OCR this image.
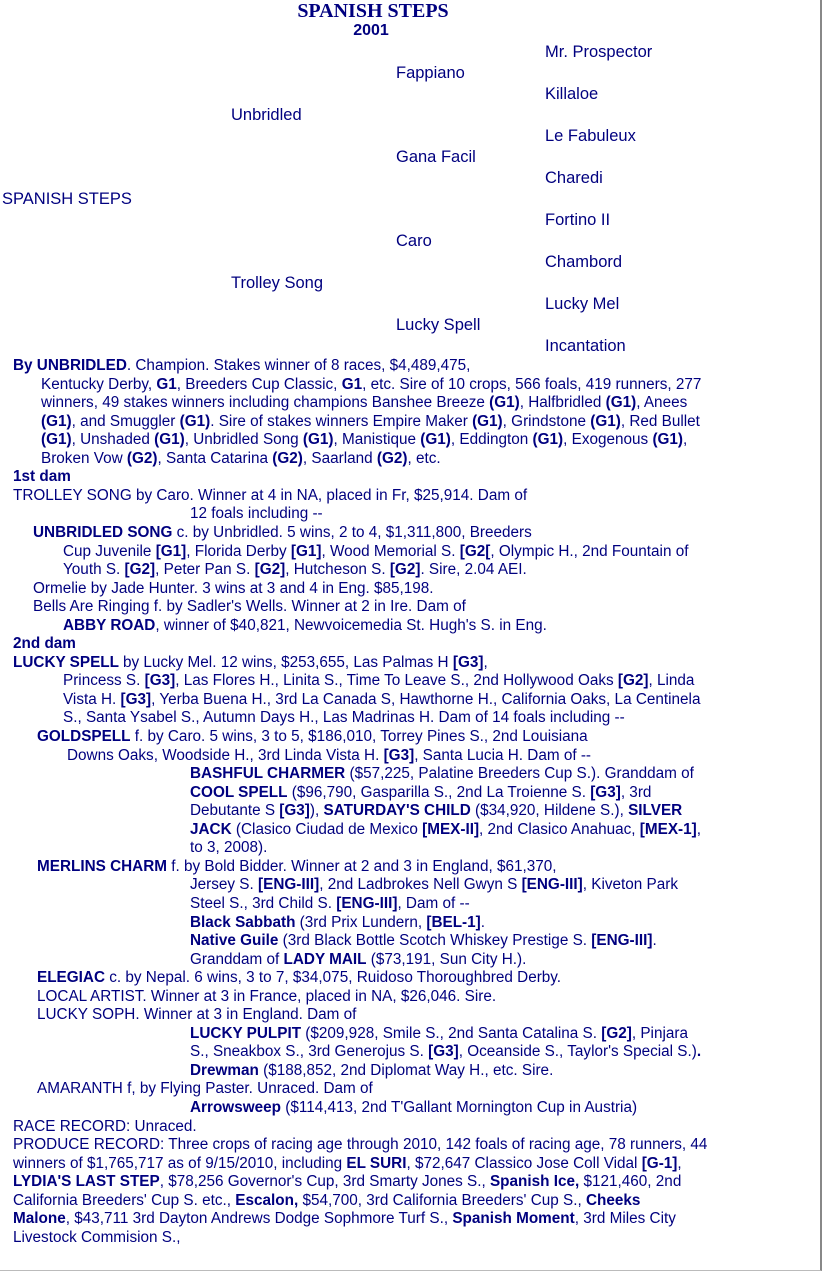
SPANISH STEPS
2001
Mr. Prospector
Fappiano
Killaloe
Unbridled
Le Fabuleux
Gana Facil
Charedi
SPANISH STEPS
Fortino II
Caro
Chambord
Trolley Song
Lucky Mel
Lucky Spell
Incantation
By UNBRIDLED. Champion. Stakes winner of 8 races, $4,489,475,
Kentucky Derby, G1, Breeders Cup Classic, G1, etc. Sire of 10 crops, 566 foals, 419 runners, 277
winners, 49 stakes winners including champions Banshee Breeze (G1), Halfbridled (G1), Anees
(G1), and Smuggler (G1). Sire of stakes winners Empire Maker (G1), Grindstone (G1), Red Bullet
(G1), Unshaded (G1), Unbridled Song (G1), Manistique (G1), Eddington (G1), Exogenous (G1),
Broken Vow (G2), Santa Catarina (G2), Saarland (G2), etc.
1st dam
TROLLEY SONG by Caro. Winner at 4 in NA, placed in Fr, $25,914. Dam of
12 foals including --
UNBRIDLED SONG c. by Unbridled. 5 wins, 2 to 4, $1,311,800, Breeders
Cup Juvenile [G1], Florida Derby [G1], Wood Memorial S. [G2[, Olympic H., 2nd Fountain of
Youth S. [G2], Peter Pan S. [G2], Hutcheson S. [G2]. Sire, 2.04 AEI.
Ormelie by Jade Hunter. 3 wins at 3 and 4 in Eng. $85,198.
Bells Are Ringing f. by Sadler's Wells. Winner at 2 in Ire. Dam of
ABBY ROAD, winner of $40,821, Newvoicemedia St. Hugh's S. in Eng.
2nd dam
LUCKY SPELL by Lucky Mel. 12 wins, $253,655, Las Palmas H [G3],
Princess S. [G3], Las Flores H., Linita S., Time To Leave S., 2nd Hollywood Oaks [G2], Linda
Vista H. [G3], Yerba Buena H., 3rd La Canada S, Hawthorne H., California Oaks, La Centinela
S., Santa Ysabel S., Autumn Days H., Las Madrinas H. Dam of 14 foals including --
GOLDSPELL f. by Caro. 5 wins, 3 to 5, $186,010, Torrey Pines S., 2nd Louisiana
Downs Oaks, Woodside H., 3rd Linda Vista H. [G3], Santa Lucia H. Dam of --
BASHFUL CHARMER ($57,225, Palatine Breeders Cup S.). Granddam of
COOL SPELL ($96,790, Gasparilla S., 2nd La Troienne S. [G3], 3rd
Debutante S [G3]), SATURDAY'S CHILD ($34,920, Hildene S.), SILVER
JACK (Clasico Ciudad de Mexico [MEX-II], 2nd Clasico Anahuac, [MEX-1],
to 3, 2008).
MERLINS CHARM f. by Bold Bidder. Winner at 2 and 3 in England, $61,370,
Jersey S. [ENG-III], 2nd Ladbrokes Nell Gwyn S [ENG-III], Kiveton Park
Steel S., 3rd Child S. [ENG-III], Dam of --
Black Sabbath (3rd Prix Lundern, [BEL-1].
Native Guile (3rd Black Bottle Scotch Whiskey Prestige S. [ENG-III].
Granddam of LADY MAIL ($73,191, Sun City H.).
ELEGIAC c. by Nepal. 6 wins, 3 to 7, $34,075, Ruidoso Thoroughbred Derby.
LOCAL ARTIST. Winner at 3 in France, placed in NA, $26,046. Sire.
LUCKY SOPH. Winner at 3 in England. Dam of
LUCKY PULPIT ($209,928, Smile S., 2nd Santa Catalina S. [G2], Pinjara
S., Sneakbox S., 3rd Generojus S. [G3], Oceanside S., Taylor's Special S.).
Drewman ($188,852, 2nd Diplomat Way H., etc. Sire.
AMARANTH f, by Flying Paster. Unraced. Dam of
Arrowsweep ($114,413, 2nd T'Gallant Mornington Cup in Austria)
RACE RECORD: Unraced.
PRODUCE RECORD: Three crops of racing age through 2010, 142 foals of racing age, 78 runners, 44
winners of $1,765,717 as of 9/15/2010, including EL SURI, $72,647 Classico Jose Coll Vidal [G-1],
LYDIA'S LAST STEP, $78,256 Governor's Cup, 3rd Smarty Jones S., Spanish Ice, $121,460, 2nd
California Breeders' Cup S. etc., Escalon, $54,700, 3rd California Breeders' Cup S., Cheeks
Malone, $43,711 3rd Dayton Andrews Dodge Sophmore Turf S., Spanish Moment, 3rd Miles City
Livestock Commision S.,
